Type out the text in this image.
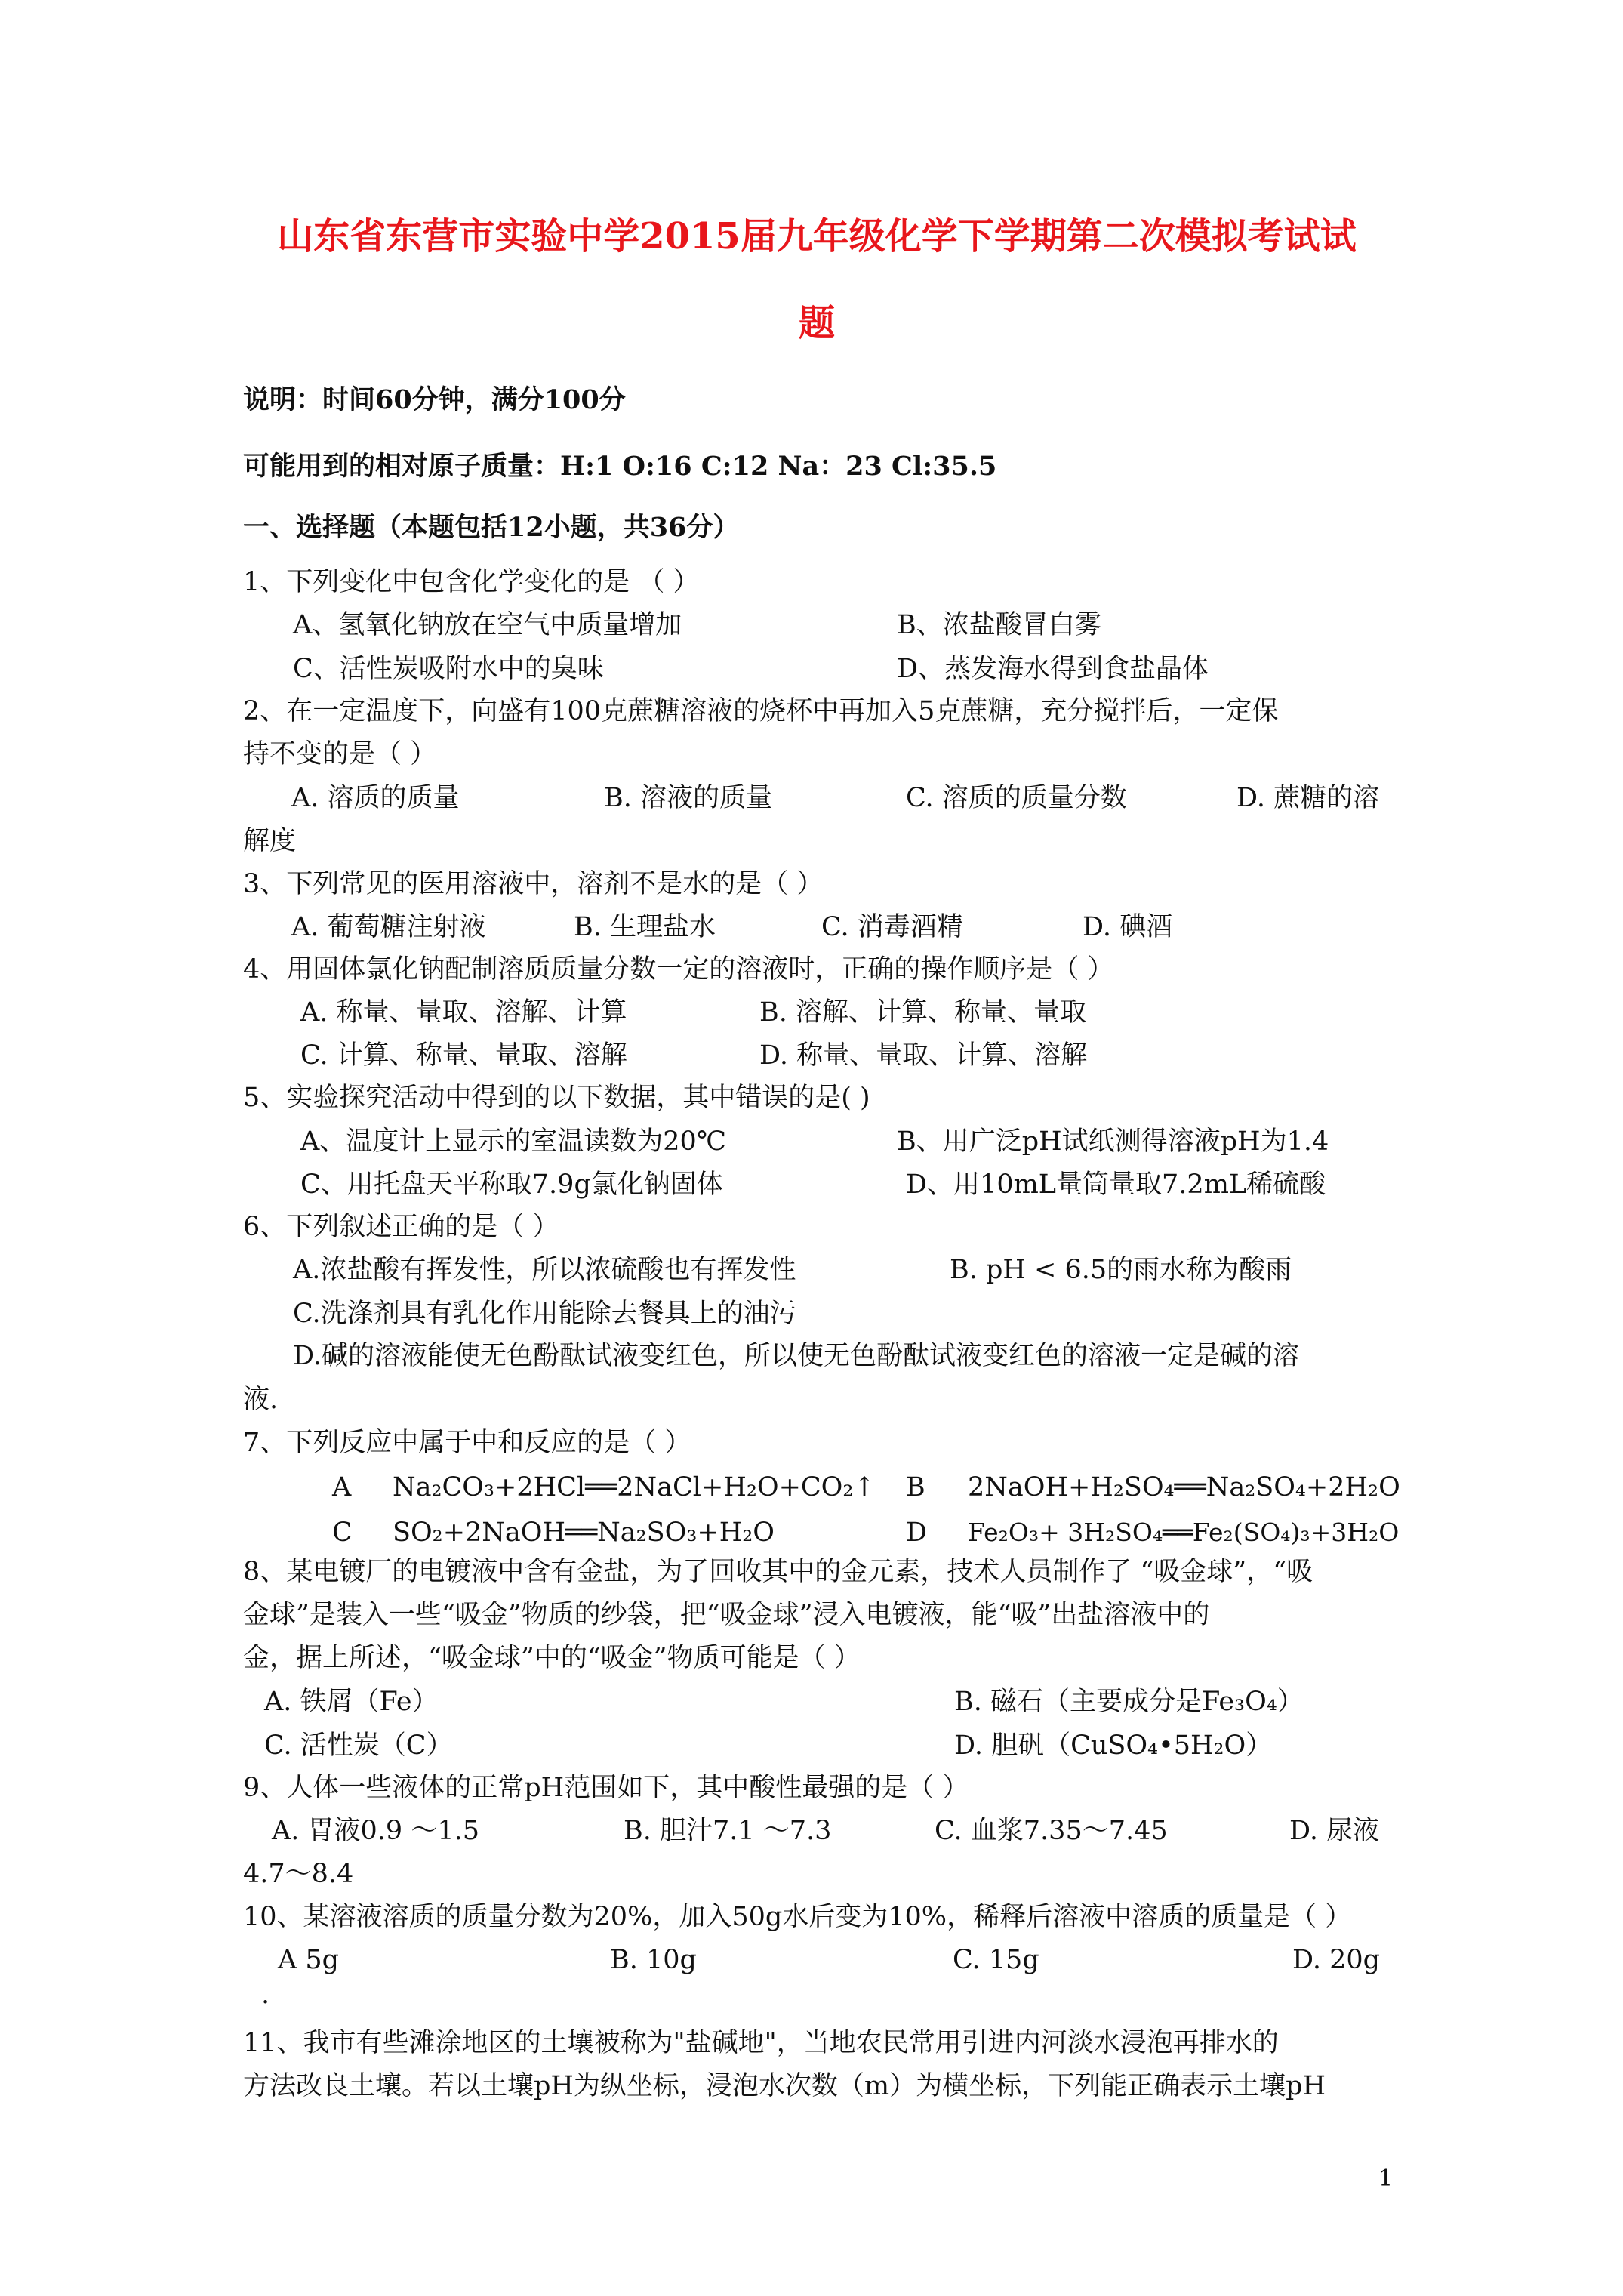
山东省东营市实验中学2015届九年级化学下学期第二次模拟考试试
题
说明：时间60分钟，满分100分
可能用到的相对原子质量：H:1 O:16 C:12 Na：23 Cl:35.5
一、选择题（本题包括12小题，共36分）
1、下列变化中包含化学变化的是 （ ）
A、氢氧化钠放在空气中质量增加	B、浓盐酸冒白雾
C、活性炭吸附水中的臭味	D、蒸发海水得到食盐晶体
2、在一定温度下，向盛有100克蔗糖溶液的烧杯中再加入5克蔗糖，充分搅拌后，一定保
持不变的是（ ）
A. 溶质的质量	B. 溶液的质量	C. 溶质的质量分数	D. 蔗糖的溶
解度
3、下列常见的医用溶液中，溶剂不是水的是（ ）
A. 葡萄糖注射液	B. 生理盐水	C. 消毒酒精	D. 碘酒
4、用固体氯化钠配制溶质质量分数一定的溶液时，正确的操作顺序是（ ）
A. 称量、量取、溶解、计算	B. 溶解、计算、称量、量取
C. 计算、称量、量取、溶解	D. 称量、量取、计算、溶解
5、实验探究活动中得到的以下数据，其中错误的是( )
A、温度计上显示的室温读数为20℃	B、用广泛pH试纸测得溶液pH为1.4
C、用托盘天平称取7.9g氯化钠固体	D、用10mL量筒量取7.2mL稀硫酸
6、下列叙述正确的是（ ）
A.浓盐酸有挥发性，所以浓硫酸也有挥发性	B. pH < 6.5的雨水称为酸雨
C.洗涤剂具有乳化作用能除去餐具上的油污
D.碱的溶液能使无色酚酞试液变红色，所以使无色酚酞试液变红色的溶液一定是碱的溶
液.
7、下列反应中属于中和反应的是（ ）
A Na₂CO₃+2HCl══2NaCl+H₂O+CO₂↑ B 2NaOH+H₂SO₄══Na₂SO₄+2H₂O
C SO₂+2NaOH══Na₂SO₃+H₂O	D Fe₂O₃+ 3H₂SO₄══Fe₂(SO₄)₃+3H₂O
8、某电镀厂的电镀液中含有金盐，为了回收其中的金元素，技术人员制作了 “吸金球”，“吸
金球”是装入一些“吸金”物质的纱袋，把“吸金球”浸入电镀液，能“吸”出盐溶液中的
金，据上所述，“吸金球”中的“吸金”物质可能是（ ）
A. 铁屑（Fe）	B. 磁石（主要成分是Fe₃O₄）
C. 活性炭（C）	D. 胆矾（CuSO₄•5H₂O）
9、人体一些液体的正常pH范围如下，其中酸性最强的是（ ）
A. 胃液0.9 ～1.5	B. 胆汁7.1 ～7.3	C. 血浆7.35～7.45	D. 尿液
4.7～8.4
10、某溶液溶质的质量分数为20%，加入50g水后变为10%，稀释后溶液中溶质的质量是（ ）
A 5g	B. 10g	C. 15g	D. 20g
.
11、我市有些滩涂地区的土壤被称为"盐碱地"，当地农民常用引进内河淡水浸泡再排水的
方法改良土壤。若以土壤pH为纵坐标，浸泡水次数（m）为横坐标，下列能正确表示土壤pH
1
